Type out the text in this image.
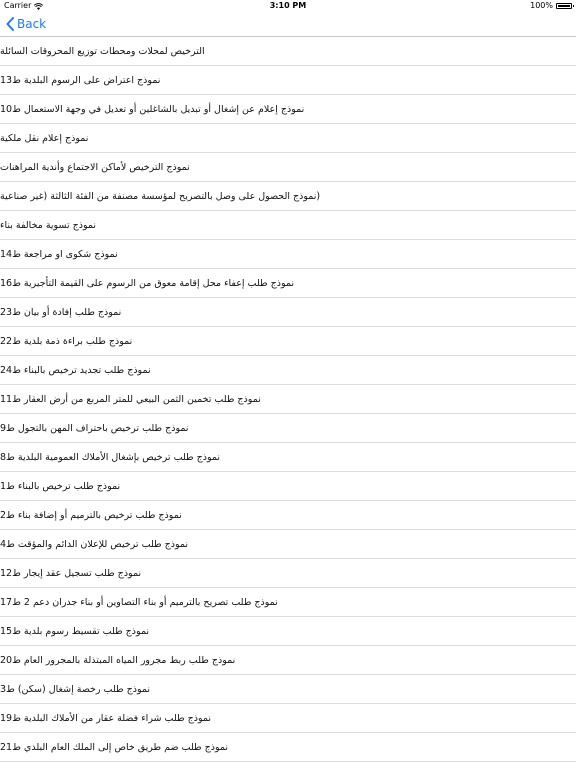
Carrier	3:10 PM	100%
Back
الترخيص لمحلات ومحطات توزيع المحروقات السائلة
نموذج اعتراض على الرسوم البلدية ط13
نموذج إعلام عن إشغال أو تبديل بالشاغلين أو تعديل في وجهة الاستعمال ط10
نموذج إعلام نقل ملكية
نموذج الترخيص لأماكن الاجتماع وأندية المراهنات
(نموذج الحصول على وصل بالتصريح لمؤسسة مصنفة من الفئة الثالثة (غير صناعية
نموذج تسوية مخالفة بناء
نموذج شكوى او مراجعة ط14
نموذج طلب إعفاء محل إقامة معوق من الرسوم على القيمة التأجيرية ط16
نموذج طلب إفادة أو بيان ط23
نموذج طلب براءة ذمة بلدية ط22
نموذج طلب تجديد ترخيص بالبناء ط24
نموذج طلب تخمين الثمن البيعي للمتر المربع من أرض العقار ط11
نموذج طلب ترخيص باحتراف المهن بالتجول ط9
نموذج طلب ترخيص بإشغال الأملاك العمومية البلدية ط8
نموذج طلب ترخيص بالبناء ط1
نموذج طلب ترخيص بالترميم أو إضافة بناء ط2
نموذج طلب ترخيص للإعلان الدائم والمؤقت ط4
نموذج طلب تسجيل عقد إيجار ط12
نموذج طلب تصريح بالترميم أو بناء التصاوين أو بناء جدران دعم 2 ط17
نموذج طلب تقسيط رسوم بلدية ط15
نموذج طلب ربط مجرور المياه المبتذلة بالمجرور العام ط20
نموذج طلب رخصة إشغال (سكن) ط3
نموذج طلب شراء فضلة عقار من الأملاك البلدية ط19
نموذج طلب ضم طريق خاص إلى الملك العام البلدي ط21
